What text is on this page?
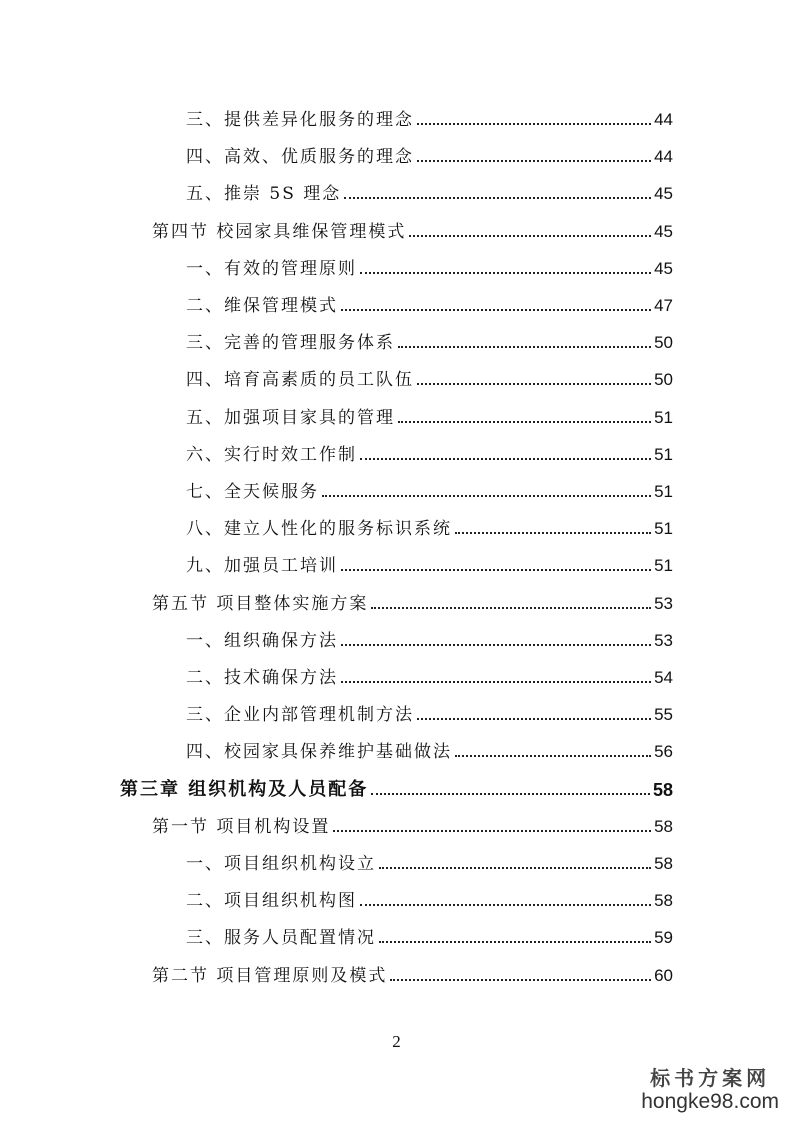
三、提供差异化服务的理念	44
四、高效、优质服务的理念	44
五、推崇 5S 理念	45
第四节 校园家具维保管理模式	45
一、有效的管理原则	45
二、维保管理模式	47
三、完善的管理服务体系	50
四、培育高素质的员工队伍	50
五、加强项目家具的管理	51
六、实行时效工作制	51
七、全天候服务	51
八、建立人性化的服务标识系统	51
九、加强员工培训	51
第五节 项目整体实施方案	53
一、组织确保方法	53
二、技术确保方法	54
三、企业内部管理机制方法	55
四、校园家具保养维护基础做法	56
第三章 组织机构及人员配备	58
第一节 项目机构设置	58
一、项目组织机构设立	58
二、项目组织机构图	58
三、服务人员配置情况	59
第二节 项目管理原则及模式	60
2
标书方案网
hongke98.com
